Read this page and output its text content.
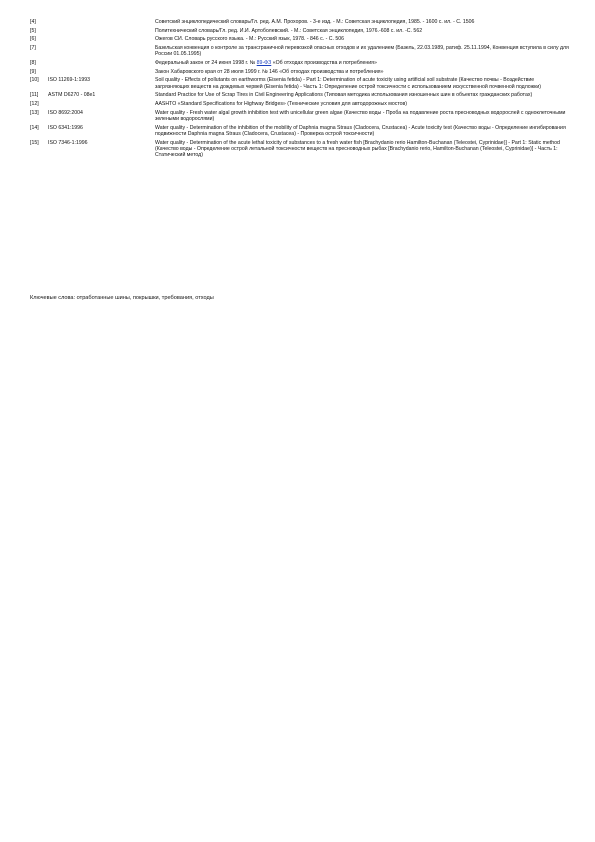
[4]		Советский энциклопедический словарь/Гл. ред. А.М. Прохоров. - 3-е изд. - М.: Советская энциклопедия, 1985. - 1600 с. ил. - С. 1506
[5]		Политехнический словарь/Гл. ред. И.И. Артоболевский. - М.: Советская энциклопедия, 1976.-608 с. ил. -С. 562
[6]		Ожегов СИ. Словарь русского языка. - М.: Русский язык, 1978. - 846 с. - С. 506
[7]		Базельская конвенция о контроле за трансграничной перевозкой опасных отходов и их удалением (Базель, 22.03.1989, ратиф. 25.11.1994, Конвенция вступила в силу для России 01.05.1995)
[8]		Федеральный закон от 24 июня 1998 г. № 89-ФЗ «Об отходах производства и потребления»
[9]		Закон Хабаровского края от 28 июля 1999 г. № 146 «Об отходах производства и потребления»
[10]	ISO 11269-1:1993	Soil quality - Effects of pollutants on earthworms (Eisenia fetida) - Part 1: Determination of acute toxicity using artificial soil substrate (Качество почвы - Воздействие загрязняющих веществ на дождевых червей (Eisenia fetida) - Часть 1: Определение острой токсичности с использованием искусственной почвенной подложки)
[11]	ASTM D6270 - 08e1	Standard Practice for Use of Scrap Tires in Civil Engineering Applications (Типовая методика использования изношенных шин в объектах гражданских работах)
[12]		AASHTO «Standard Specifications for Highway Bridges» (Технические условия для автодорожных мостов)
[13]	ISO 8692:2004	Water quality - Fresh water algal growth inhibition test with unicellular green algae (Качество воды - Проба на подавление роста пресноводных водорослей с одноклеточными зелеными водорослями)
[14]	ISO 6341:1996	Water quality - Determination of the inhibition of the mobility of Daphnia magna Straus (Cladocera, Crustacea) - Acute toxicity test (Качество воды - Определение ингибирования подвижности Daphnia magna Straus (Cladocera, Crustacea) - Проверка острой токсичности)
[15]	ISO 7346-1:1996	Water quality - Determination of the acute lethal toxicity of substances to a fresh water fish [Brachydanio rerio Hamilton-Buchanan (Teleostei, Cyprinidae)] - Part 1: Static method (Качество воды - Определение острой летальной токсичности веществ на пресноводных рыбах [Brachydanio rerio, Hamilton-Buchanan (Teleostei, Cyprinidae)] - Часть 1: Статический метод)
Ключевые слова: отработанные шины, покрышки, требования, отходы
